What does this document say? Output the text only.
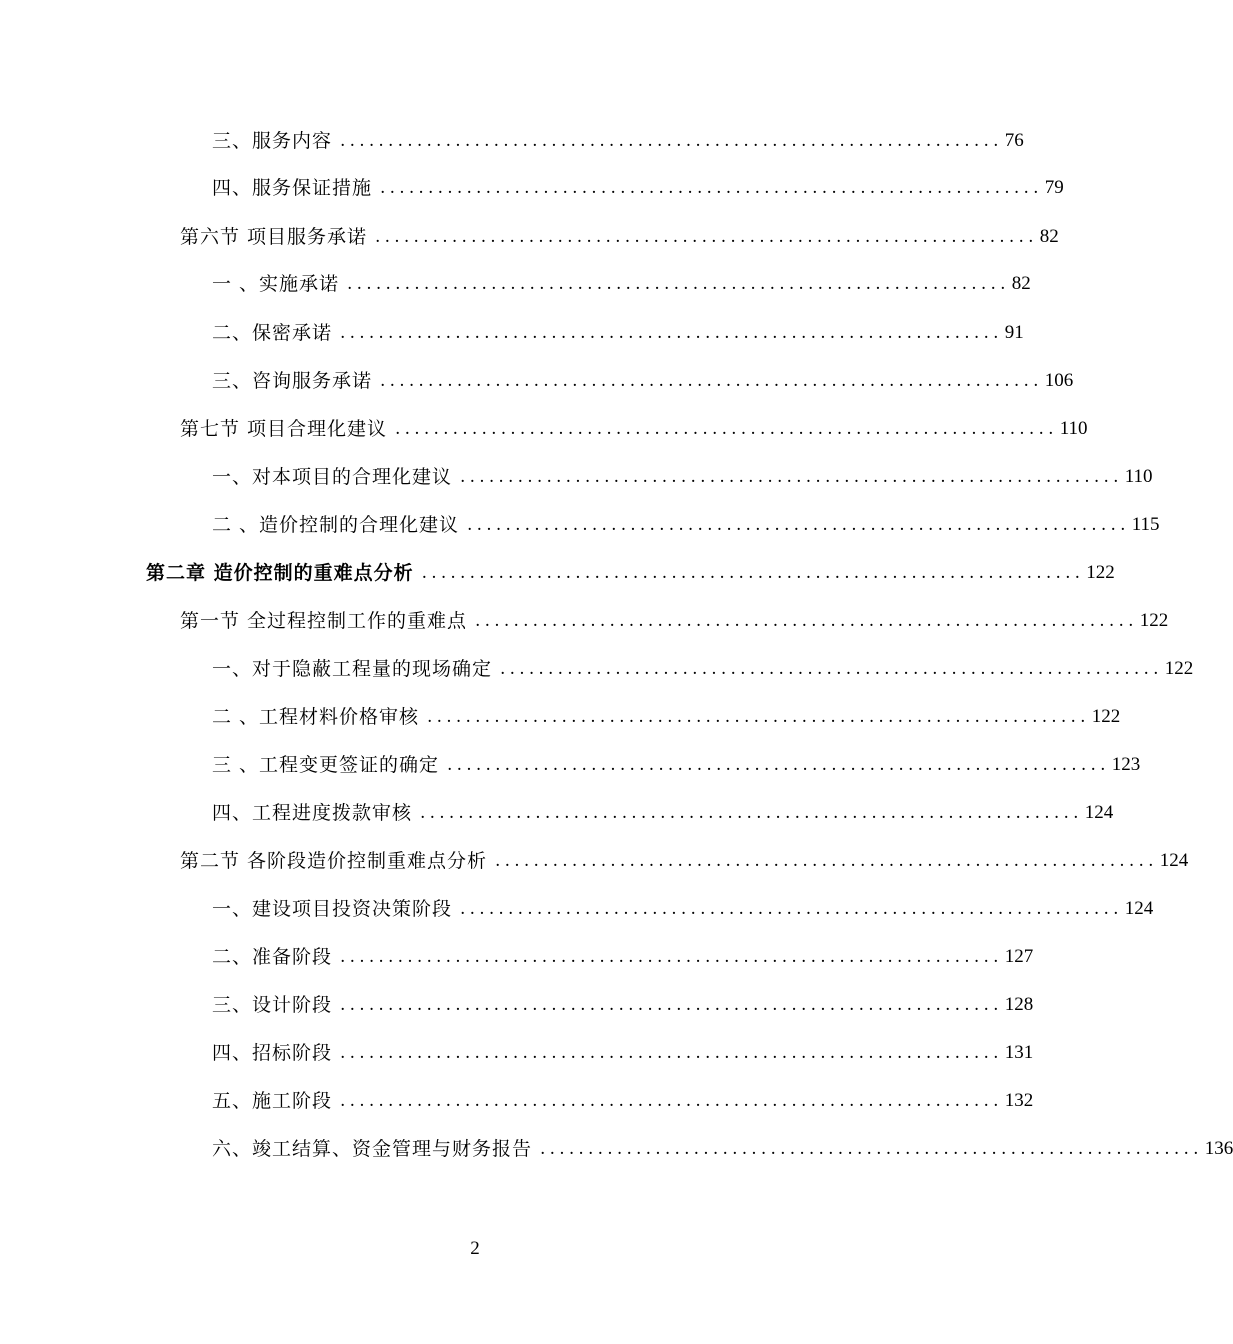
三、服务内容 ..................................................................... 76
四、服务保证措施 ..................................................................... 79
第六节 项目服务承诺 ..................................................................... 82
一 、实施承诺 ..................................................................... 82
二、保密承诺 ..................................................................... 91
三、咨询服务承诺 ..................................................................... 106
第七节 项目合理化建议 ..................................................................... 110
一、对本项目的合理化建议 ..................................................................... 110
二 、造价控制的合理化建议 ..................................................................... 115
第二章 造价控制的重难点分析 ..................................................................... 122
第一节 全过程控制工作的重难点 ..................................................................... 122
一、对于隐蔽工程量的现场确定 ..................................................................... 122
二 、工程材料价格审核 ..................................................................... 122
三 、工程变更签证的确定 ..................................................................... 123
四、工程进度拨款审核 ..................................................................... 124
第二节 各阶段造价控制重难点分析 ..................................................................... 124
一、建设项目投资决策阶段 ..................................................................... 124
二、准备阶段 ..................................................................... 127
三、设计阶段 ..................................................................... 128
四、招标阶段 ..................................................................... 131
五、施工阶段 ..................................................................... 132
六、竣工结算、资金管理与财务报告 ..................................................................... 136
2
